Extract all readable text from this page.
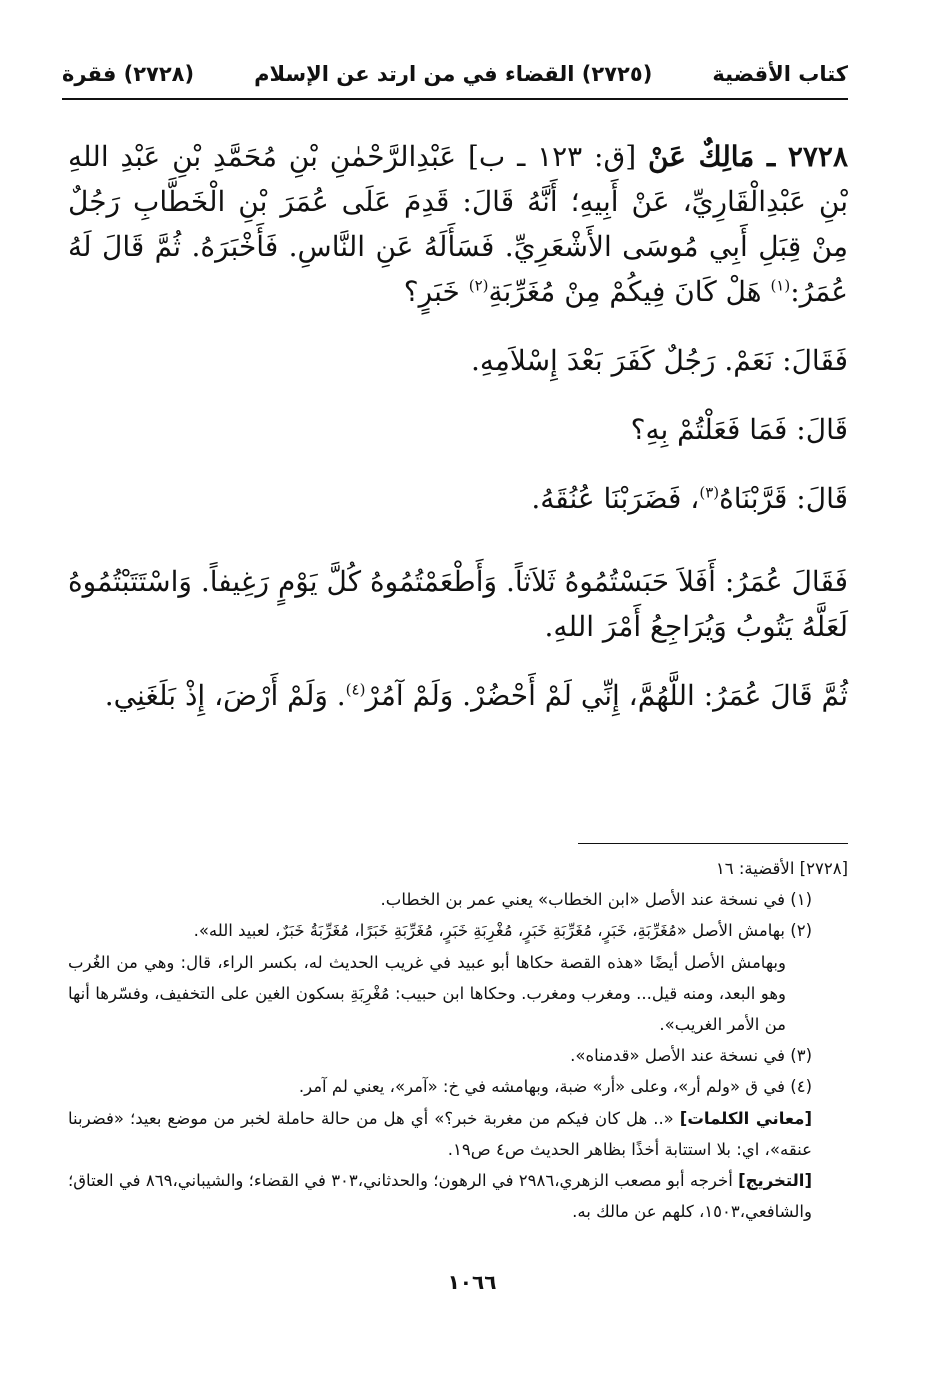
كتاب الأقضية
(٢٧٢٥) القضاء في من ارتد عن الإسلام
(٢٧٢٨) فقرة

٢٧٢٨ ـ مَالِكٌ عَنْ [ق: ١٢٣ ـ ب] عَبْدِالرَّحْمٰنِ بْنِ مُحَمَّدِ بْنِ عَبْدِ اللهِ بْنِ عَبْدِالْقَارِيِّ، عَنْ أَبِيهِ؛ أَنَّهُ قَالَ: قَدِمَ عَلَى عُمَرَ بْنِ الْخَطَّابِ رَجُلٌ مِنْ قِبَلِ أَبِي مُوسَى الأَشْعَرِيِّ. فَسَأَلَهُ عَنِ النَّاسِ. فَأَخْبَرَهُ. ثُمَّ قَالَ لَهُ عُمَرُ:$^{(١)}$ هَلْ كَانَ فِيكُمْ مِنْ مُغَرِّبَةِ$^{(٢)}$ خَبَرٍ؟

فَقَالَ: نَعَمْ. رَجُلٌ كَفَرَ بَعْدَ إِسْلاَمِهِ.

قَالَ: فَمَا فَعَلْتُمْ بِهِ؟

قَالَ: قَرَّبْنَاهُ$^{(٣)}$، فَضَرَبْنَا عُنُقَهُ.

فَقَالَ عُمَرُ: أَفَلاَ حَبَسْتُمُوهُ ثَلاَثاً. وَأَطْعَمْتُمُوهُ كُلَّ يَوْمٍ رَغِيفاً. وَاسْتَتَبْتُمُوهُ لَعَلَّهُ يَتُوبُ وَيُرَاجِعُ أَمْرَ اللهِ.

ثُمَّ قَالَ عُمَرُ: اللَّهُمَّ، إِنِّي لَمْ أَحْضُرْ. وَلَمْ آمُرْ$^{(٤)}$. وَلَمْ أَرْضَ، إِذْ بَلَغَنِي.

[٢٧٢٨] الأقضية: ١٦

(١) في نسخة عند الأصل «ابن الخطاب» يعني عمر بن الخطاب.

(٢) بهامش الأصل «مُغَرِّبَةِ، خَبَرٍ، مُغَرِّبَةِ خَبَرٍ، مُغْرِبَةِ خَبَرٍ، مُغَرِّبَةِ خَبَرًا، مُغَرِّبَةُ خَبَرٌ، لعبيد الله».

وبهامش الأصل أيضًا «هذه القصة حكاها أبو عبيد في غريب الحديث له، بكسر الراء، قال: وهي من الغُرب وهو البعد، ومنه قيل... ومغرب ومغرب. وحكاها ابن حبيب: مُغْرِبَةِ بسكون الغين على التخفيف، وفسّرها أنها من الأمر الغريب».

(٣) في نسخة عند الأصل «قدمناه».

(٤) في ق «ولم أر»، وعلى «أر» ضبة، وبهامشه في خ: «آمر»، يعني لم آمر.

[معاني الكلمات] «.. هل كان فيكم من مغربة خبر؟» أي هل من حالة حاملة لخبر من موضع بعيد؛ «فضربنا عنقه»، اي: بلا استتابة أخذًا بظاهر الحديث ص٤ ص١٩.

[التخريج] أخرجه أبو مصعب الزهري،٢٩٨٦ في الرهون؛ والحدثاني،٣٠٣ في القضاء؛ والشيباني،٨٦٩ في العتاق؛ والشافعي،١٥٠٣، كلهم عن مالك به.

١٠٦٦
